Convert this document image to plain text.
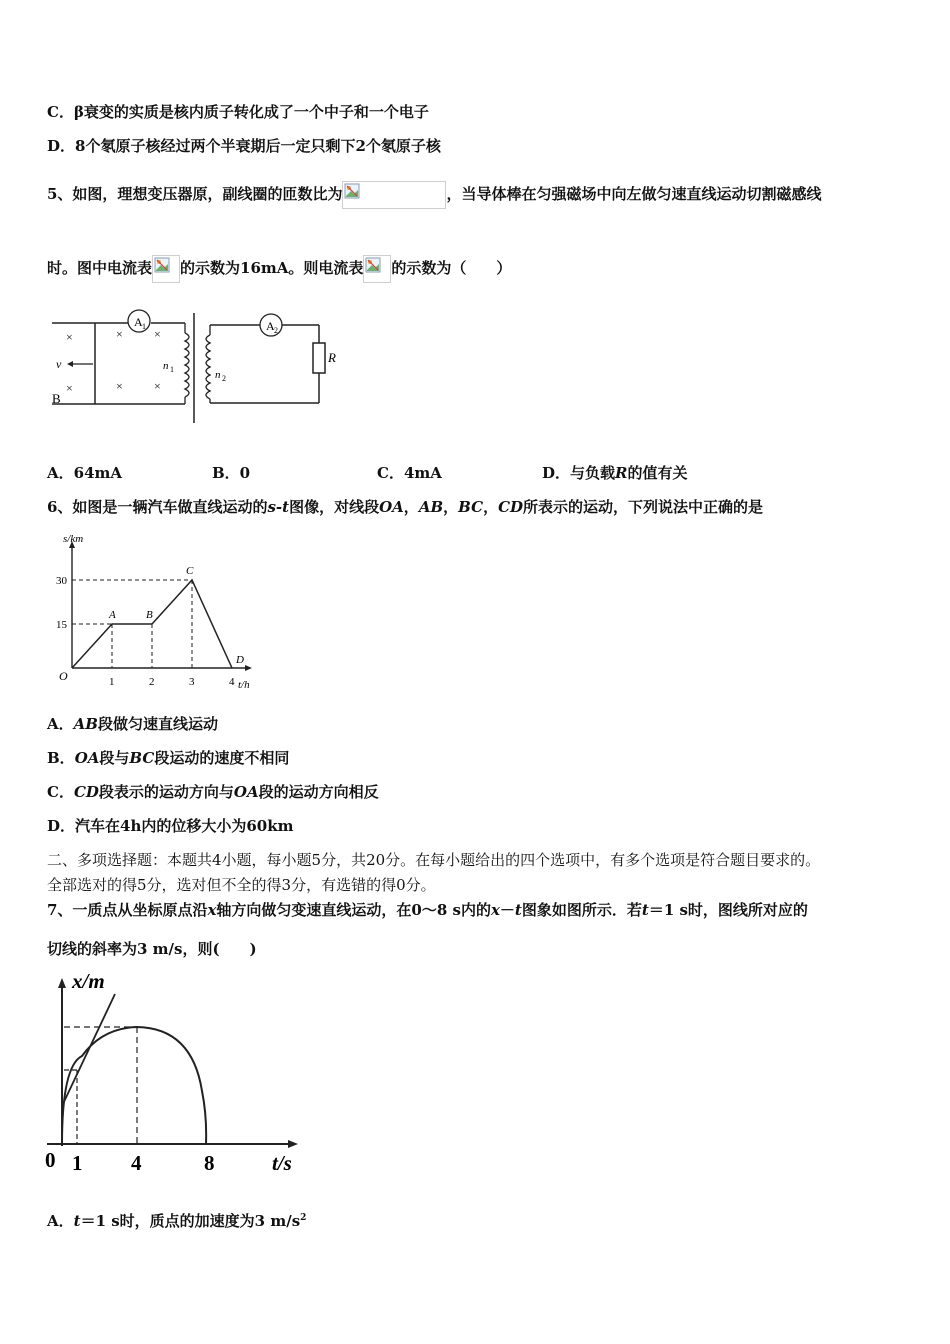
C．β衰变的实质是核内质子转化成了一个中子和一个电子
D．8个氡原子核经过两个半衰期后一定只剩下2个氡原子核
5、如图，理想变压器原，副线圈的匝数比为	，当导体棒在匀强磁场中向左做匀速直线运动切割磁感线
时。图中电流表 的示数为16mA。则电流表 的示数为（　　）
A 1	A 2
R
n 1	n 2
×	×	×
×	×	×
v
B
A．64mA	B．0	C．4mA	D．与负载R的值有关
6、如图是一辆汽车做直线运动的s-t图像，对线段OA，AB，BC，CD所表示的运动，下列说法中正确的是
s/km
t/h
O	1	2	3	4
15
30
A	B
C
D
A．AB段做匀速直线运动
B．OA段与BC段运动的速度不相同
C．CD段表示的运动方向与OA段的运动方向相反
D．汽车在4h内的位移大小为60km
二、多项选择题：本题共4小题，每小题5分，共20分。在每小题给出的四个选项中，有多个选项是符合题目要求的。
全部选对的得5分，选对但不全的得3分，有选错的得0分。
7、一质点从坐标原点沿x轴方向做匀变速直线运动，在0～8 s内的x－t图象如图所示．若t＝1 s时，图线所对应的
切线的斜率为3 m/s，则(　　)
x/m
t/s
0 1 4	8
A．t＝1 s时，质点的加速度为3 $m/s^2$
